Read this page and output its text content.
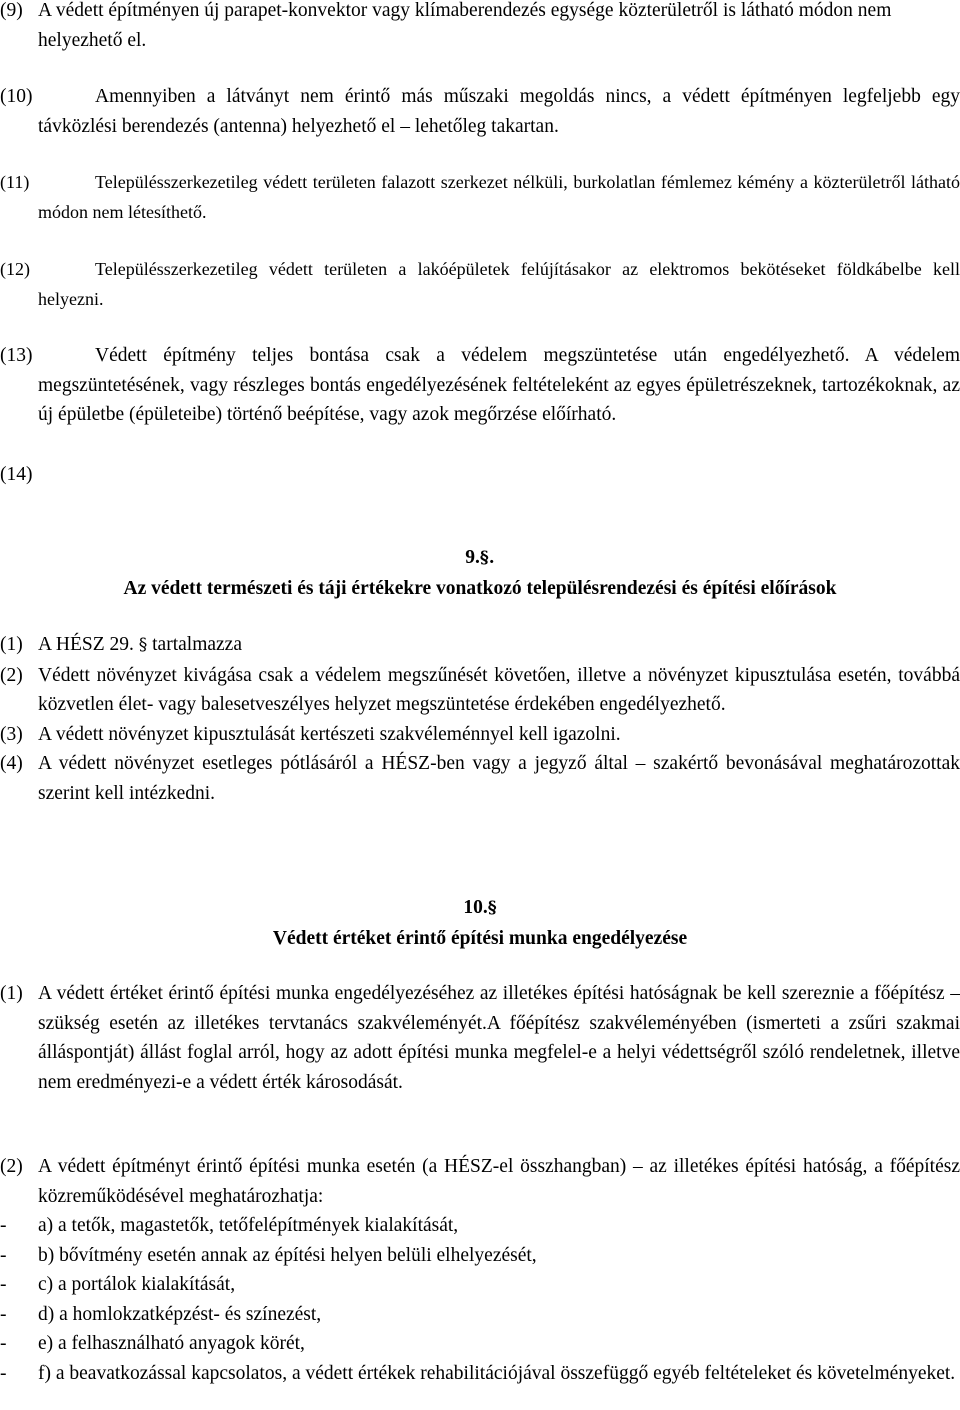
(9) A védett építményen új parapet-konvektor vagy klímaberendezés egysége közterületről is látható módon nem helyezhető el.

(10)	Amennyiben a látványt nem érintő más műszaki megoldás nincs, a védett építményen legfeljebb egy távközlési berendezés (antenna) helyezhető el – lehetőleg takartan.

(11)	Településszerkezetileg védett területen falazott szerkezet nélküli, burkolatlan fémlemez kémény a közterületről látható módon nem létesíthető.

(12)	Településszerkezetileg védett területen a lakóépületek felújításakor az elektromos bekötéseket földkábelbe kell helyezni.

(13)	Védett építmény teljes bontása csak a védelem megszüntetése után engedélyezhető. A védelem megszüntetésének, vagy részleges bontás engedélyezésének feltételeként az egyes épületrészeknek, tartozékoknak, az új épületbe (épületeibe) történő beépítése, vagy azok megőrzése előírható.

(14)

9.§.

Az védett természeti és táji értékekre vonatkozó településrendezési és építési előírások

(1) A HÉSZ 29. § tartalmazza

(2) Védett növényzet kivágása csak a védelem megszűnését követően, illetve a növényzet kipusztulása esetén, továbbá közvetlen élet- vagy balesetveszélyes helyzet megszüntetése érdekében engedélyezhető.

(3) A védett növényzet kipusztulását kertészeti szakvéleménnyel kell igazolni.

(4) A védett növényzet esetleges pótlásáról a HÉSZ-ben vagy a jegyző által – szakértő bevonásával meghatározottak szerint kell intézkedni.

10.§

Védett értéket érintő építési munka engedélyezése

(1) A védett értéket érintő építési munka engedélyezéséhez az illetékes építési hatóságnak be kell szereznie a főépítész – szükség esetén az illetékes tervtanács szakvéleményét.A főépítész szakvéleményében (ismerteti a zsűri szakmai álláspontját) állást foglal arról, hogy az adott építési munka megfelel-e a helyi védettségről szóló rendeletnek, illetve nem eredményezi-e a védett érték károsodását.

(2) A védett építményt érintő építési munka esetén (a HÉSZ-el összhangban) – az illetékes építési hatóság, a főépítész közreműködésével meghatározhatja:

- a) a tetők, magastetők, tetőfelépítmények kialakítását,

- b) bővítmény esetén annak az építési helyen belüli elhelyezését,

- c) a portálok kialakítását,

- d) a homlokzatképzést- és színezést,

- e) a felhasználható anyagok körét,

- f) a beavatkozással kapcsolatos, a védett értékek rehabilitációjával összefüggő egyéb feltételeket és követelményeket.
